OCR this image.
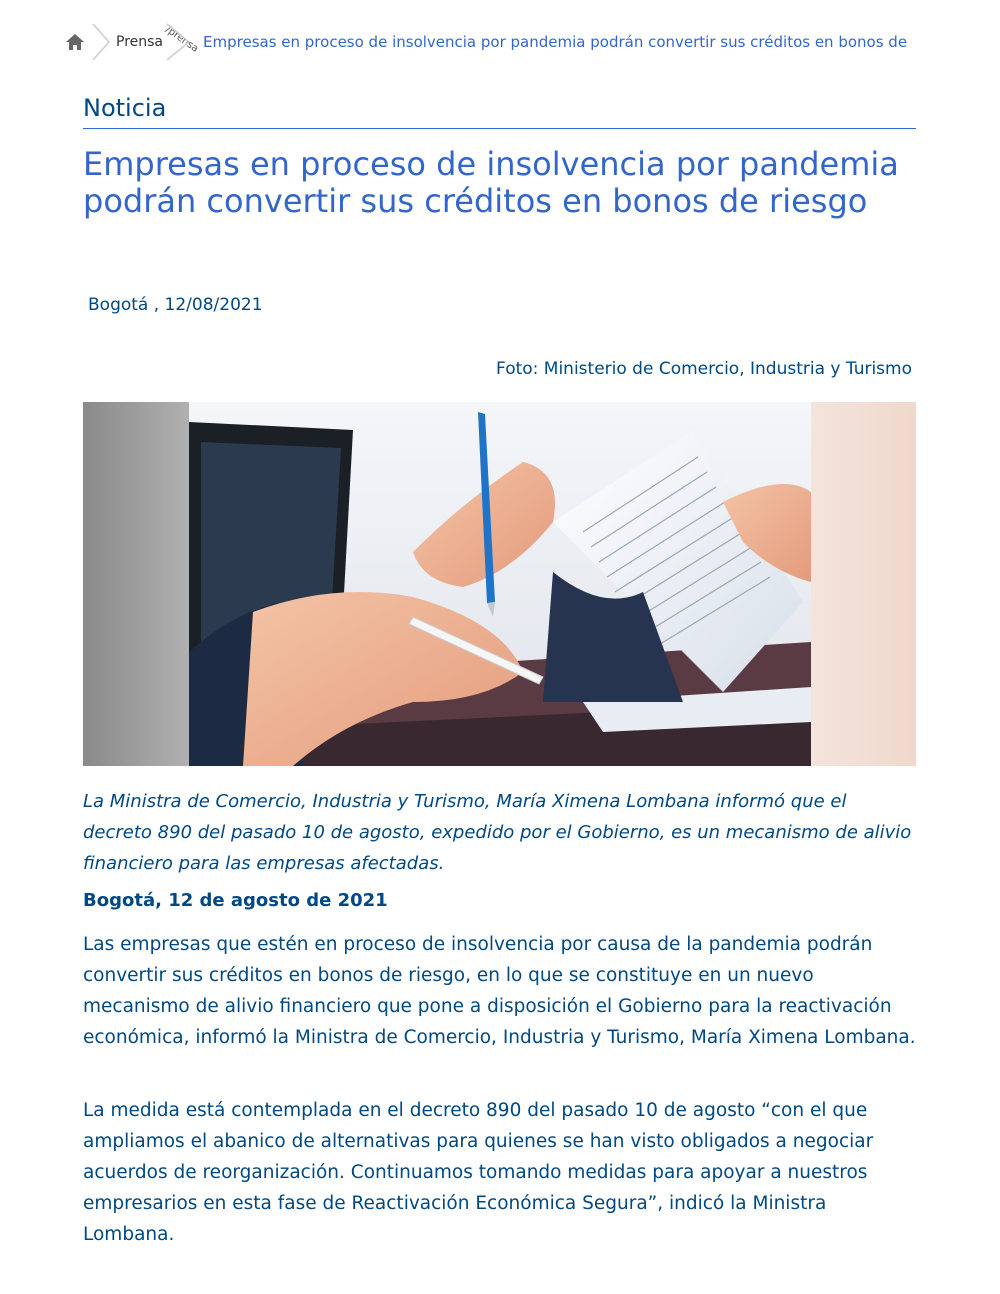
Prensa /prensa Empresas en proceso de insolvencia por pandemia podrán convertir sus créditos en bonos de
Noticia
Empresas en proceso de insolvencia por pandemia podrán convertir sus créditos en bonos de riesgo
Bogotá , 12/08/2021
Foto: Ministerio de Comercio, Industria y Turismo

La Ministra de Comercio, Industria y Turismo, María Ximena Lombana informó que el decreto 890 del pasado 10 de agosto, expedido por el Gobierno, es un mecanismo de alivio financiero para las empresas afectadas.

Bogotá, 12 de agosto de 2021

Las empresas que estén en proceso de insolvencia por causa de la pandemia podrán convertir sus créditos en bonos de riesgo, en lo que se constituye en un nuevo mecanismo de alivio financiero que pone a disposición el Gobierno para la reactivación económica, informó la Ministra de Comercio, Industria y Turismo, María Ximena Lombana.

La medida está contemplada en el decreto 890 del pasado 10 de agosto “con el que ampliamos el abanico de alternativas para quienes se han visto obligados a negociar acuerdos de reorganización. Continuamos tomando medidas para apoyar a nuestros empresarios en esta fase de Reactivación Económica Segura”, indicó la Ministra Lombana.
